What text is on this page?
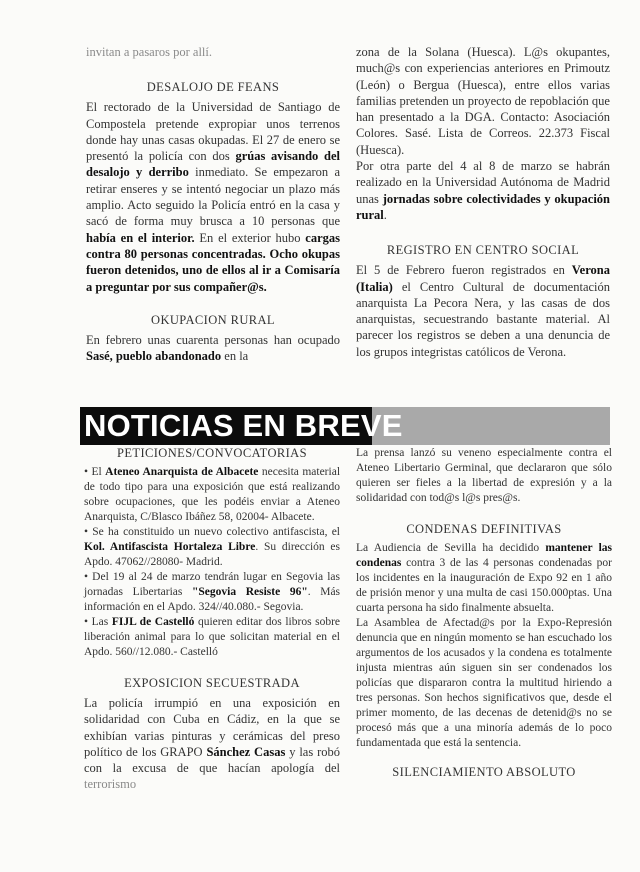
invitan a pasaros por allí.

DESALOJO DE FEANS

El rectorado de la Universidad de Santiago de Compostela pretende expropiar unos terrenos donde hay unas casas okupadas. El 27 de enero se presentó la policía con dos grúas avisando del desalojo y derribo inmediato. Se empezaron a retirar enseres y se intentó negociar un plazo más amplio. Acto seguido la Policía entró en la casa y sacó de forma muy brusca a 10 personas que había en el interior. En el exterior hubo cargas contra 80 personas concentradas. Ocho okupas fueron detenidos, uno de ellos al ir a Comisaría a preguntar por sus compañer@s.

OKUPACION RURAL

En febrero unas cuarenta personas han ocupado Sasé, pueblo abandonado en la

zona de la Solana (Huesca). L@s okupantes, much@s con experiencias anteriores en Primoutz (León) o Bergua (Huesca), entre ellos varias familias pretenden un proyecto de repoblación que han presentado a la DGA. Contacto: Asociación Colores. Sasé. Lista de Correos. 22.373 Fiscal (Huesca).

Por otra parte del 4 al 8 de marzo se habrán realizado en la Universidad Autónoma de Madrid unas jornadas sobre colectividades y okupación rural.

REGISTRO EN CENTRO SOCIAL

El 5 de Febrero fueron registrados en Verona (Italia) el Centro Cultural de documentación anarquista La Pecora Nera, y las casas de dos anarquistas, secuestrando bastante material. Al parecer los registros se deben a una denuncia de los grupos integristas católicos de Verona.

NOTICIAS EN BREVE
PETICIONES/CONVOCATORIAS

• El Ateneo Anarquista de Albacete necesita material de todo tipo para una exposición que está realizando sobre ocupaciones, que les podéis enviar a Ateneo Anarquista, C/Blasco Ibáñez 58, 02004- Albacete.

• Se ha constituido un nuevo colectivo antifascista, el Kol. Antifascista Hortaleza Libre. Su dirección es Apdo. 47062//28080- Madrid.

• Del 19 al 24 de marzo tendrán lugar en Segovia las jornadas Libertarias "Segovia Resiste 96". Más información en el Apdo. 324//40.080.- Segovia.

• Las FIJL de Castelló quieren editar dos libros sobre liberación animal para lo que solicitan material en el Apdo. 560//12.080.- Castelló

EXPOSICION SECUESTRADA

La policía irrumpió en una exposición en solidaridad con Cuba en Cádiz, en la que se exhibían varias pinturas y cerámicas del preso político de los GRAPO Sánchez Casas y las robó con la excusa de que hacían apología del terrorismo

La prensa lanzó su veneno especialmente contra el Ateneo Libertario Germinal, que declararon que sólo quieren ser fieles a la libertad de expresión y a la solidaridad con tod@s l@s pres@s.

CONDENAS DEFINITIVAS

La Audiencia de Sevilla ha decidido mantener las condenas contra 3 de las 4 personas condenadas por los incidentes en la inauguración de Expo 92 en 1 año de prisión menor y una multa de casi 150.000ptas. Una cuarta persona ha sido finalmente absuelta.

La Asamblea de Afectad@s por la Expo-Represión denuncia que en ningún momento se han escuchado los argumentos de los acusados y la condena es totalmente injusta mientras aún siguen sin ser condenados los policías que dispararon contra la multitud hiriendo a tres personas. Son hechos significativos que, desde el primer momento, de las decenas de detenid@s no se procesó más que a una minoría además de lo poco fundamentada que está la sentencia.

SILENCIAMIENTO ABSOLUTO
